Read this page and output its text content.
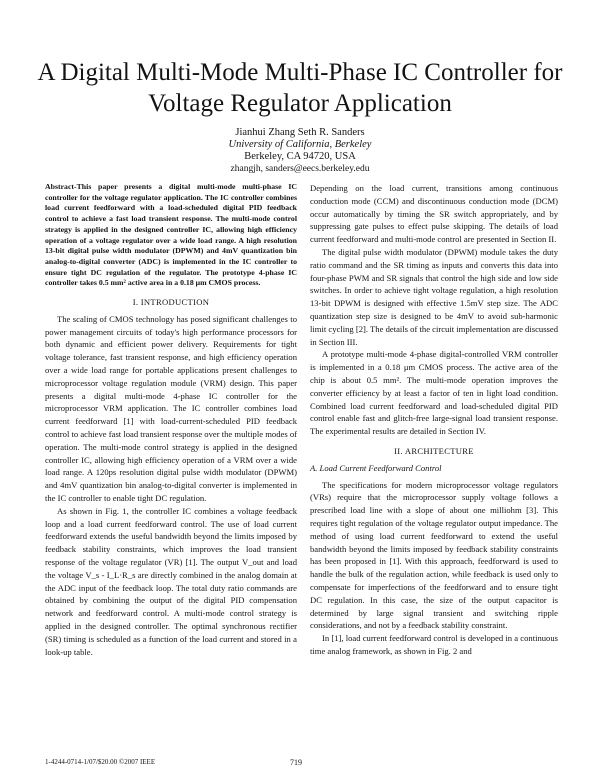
A Digital Multi-Mode Multi-Phase IC Controller for
Voltage Regulator Application
Jianhui Zhang Seth R. Sanders
University of California, Berkeley
Berkeley, CA 94720, USA
zhangjh, sanders@eecs.berkeley.edu
Abstract-This paper presents a digital multi-mode multi-phase IC controller for the voltage regulator application. The IC controller combines load current feedforward with a load-scheduled digital PID feedback control to achieve a fast load transient response. The multi-mode control strategy is applied in the designed controller IC, allowing high efficiency operation of a voltage regulator over a wide load range. A high resolution 13-bit digital pulse width modulator (DPWM) and 4mV quantization bin analog-to-digital converter (ADC) is implemented in the IC controller to ensure tight DC regulation of the regulator. The prototype 4-phase IC controller takes 0.5 mm² active area in a 0.18 μm CMOS process.
I. INTRODUCTION

The scaling of CMOS technology has posed significant challenges to power management circuits of today's high performance processors for both dynamic and efficient power delivery. Requirements for tight voltage tolerance, fast transient response, and high efficiency operation over a wide load range for portable applications present challenges to microprocessor voltage regulation module (VRM) design. This paper presents a digital multi-mode 4-phase IC controller for the microprocessor VRM application. The IC controller combines load current feedforward [1] with load-current-scheduled PID feedback control to achieve fast load transient response over the multiple modes of operation. The multi-mode control strategy is applied in the designed controller IC, allowing high efficiency operation of a VRM over a wide load range. A 120ps resolution digital pulse width modulator (DPWM) and 4mV quantization bin analog-to-digital converter is implemented in the IC controller to enable tight DC regulation.

As shown in Fig. 1, the controller IC combines a voltage feedback loop and a load current feedforward control. The use of load current feedforward extends the useful bandwidth beyond the limits imposed by feedback stability constraints, which improves the load transient response of the voltage regulator (VR) [1]. The output V_out and load the voltage V_s - I_L·R_s are directly combined in the analog domain at the ADC input of the feedback loop. The total duty ratio commands are obtained by combining the output of the digital PID compensation network and feedforward control. A multi-mode control strategy is applied in the designed controller. The optimal synchronous rectifier (SR) timing is scheduled as a function of the load current and stored in a look-up table.

Depending on the load current, transitions among continuous conduction mode (CCM) and discontinuous conduction mode (DCM) occur automatically by timing the SR switch appropriately, and by suppressing gate pulses to effect pulse skipping. The details of load current feedforward and multi-mode control are presented in Section II.

The digital pulse width modulator (DPWM) module takes the duty ratio command and the SR timing as inputs and converts this data into four-phase PWM and SR signals that control the high side and low side switches. In order to achieve tight voltage regulation, a high resolution 13-bit DPWM is designed with effective 1.5mV step size. The ADC quantization step size is designed to be 4mV to avoid sub-harmonic limit cycling [2]. The details of the circuit implementation are discussed in Section III.

A prototype multi-mode 4-phase digital-controlled VRM controller is implemented in a 0.18 μm CMOS process. The active area of the chip is about 0.5 mm². The multi-mode operation improves the converter efficiency by at least a factor of ten in light load condition. Combined load current feedforward and load-scheduled digital PID control enable fast and glitch-free large-signal load transient response. The experimental results are detailed in Section IV.

II. ARCHITECTURE
A. Load Current Feedforward Control

The specifications for modern microprocessor voltage regulators (VRs) require that the microprocessor supply voltage follows a prescribed load line with a slope of about one milliohm [3]. This requires tight regulation of the voltage regulator output impedance. The method of using load current feedforward to extend the useful bandwidth beyond the limits imposed by feedback stability constraints has been proposed in [1]. With this approach, feedforward is used to handle the bulk of the regulation action, while feedback is used only to compensate for imperfections of the feedforward and to ensure tight DC regulation. In this case, the size of the output capacitor is determined by large signal transient and switching ripple considerations, and not by a feedback stability constraint.

In [1], load current feedforward control is developed in a continuous time analog framework, as shown in Fig. 2 and

1-4244-0714-1/07/$20.00 ©2007 IEEE	719
